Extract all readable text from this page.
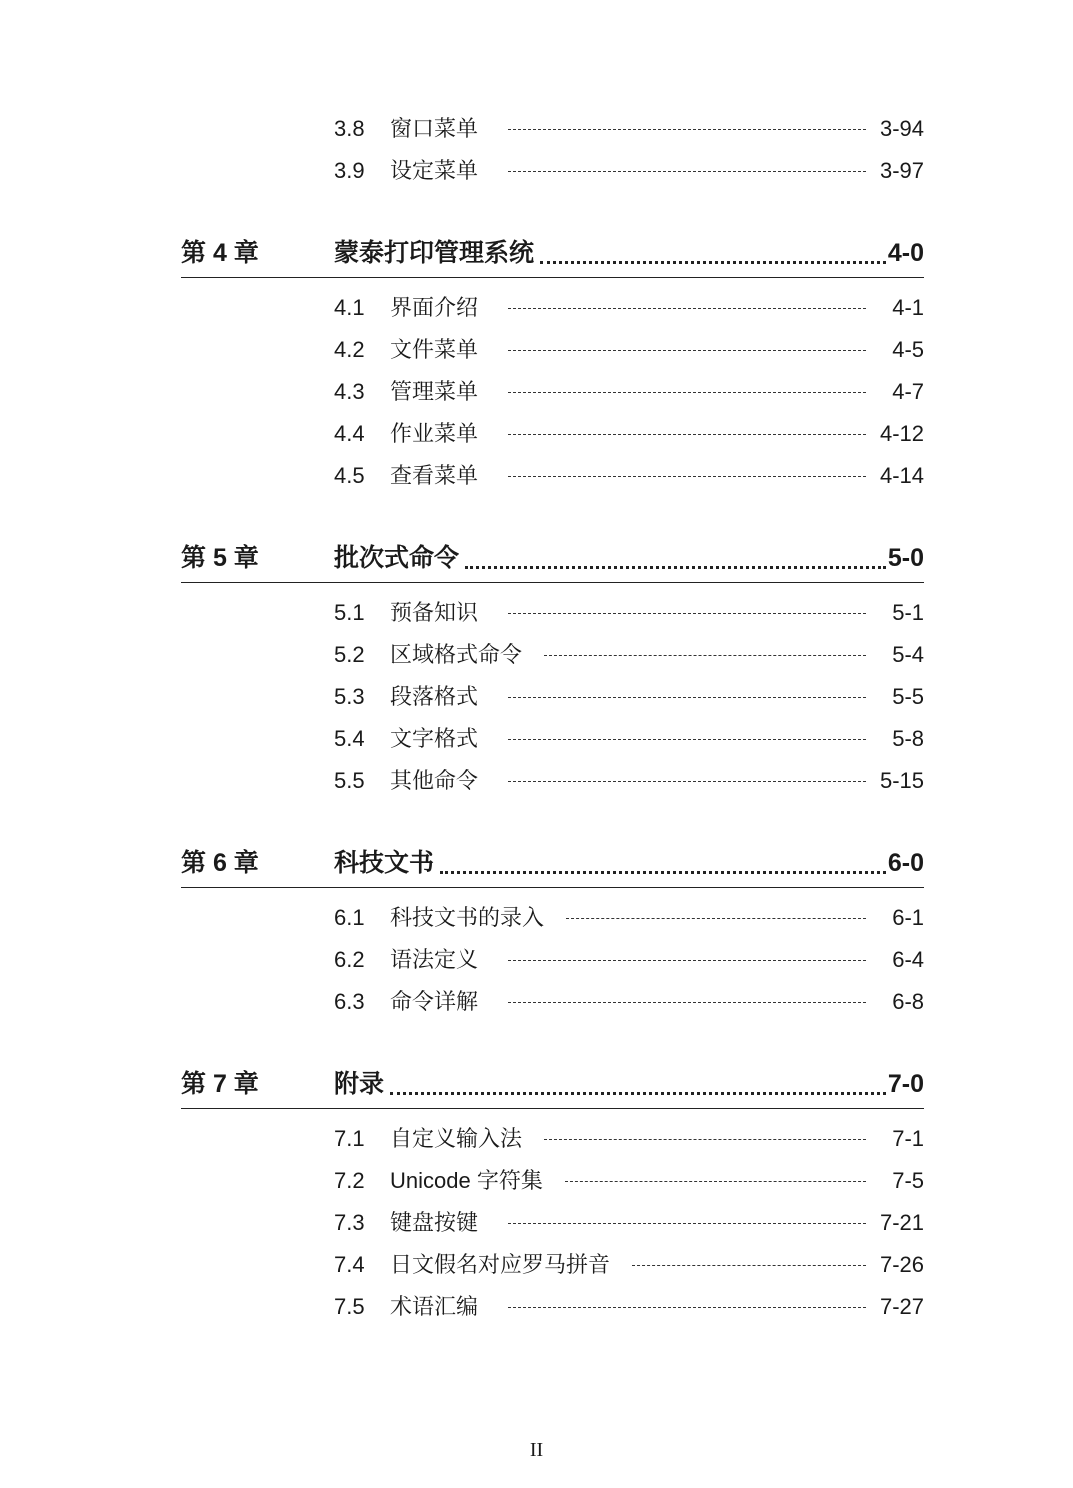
3.8 窗口菜单	3-94
3.9 设定菜单	3-97
第 4 章	蒙泰打印管理系统	4-0
4.1 界面介绍	4-1
4.2 文件菜单	4-5
4.3 管理菜单	4-7
4.4 作业菜单	4-12
4.5 查看菜单	4-14
第 5 章	批次式命令	5-0
5.1 预备知识	5-1
5.2 区域格式命令	5-4
5.3 段落格式	5-5
5.4 文字格式	5-8
5.5 其他命令	5-15
第 6 章	科技文书	6-0
6.1 科技文书的录入	6-1
6.2 语法定义	6-4
6.3 命令详解	6-8
第 7 章	附录	7-0
7.1 自定义输入法	7-1
7.2 Unicode 字符集	7-5
7.3 键盘按键	7-21
7.4 日文假名对应罗马拼音	7-26
7.5 术语汇编	7-27
II
